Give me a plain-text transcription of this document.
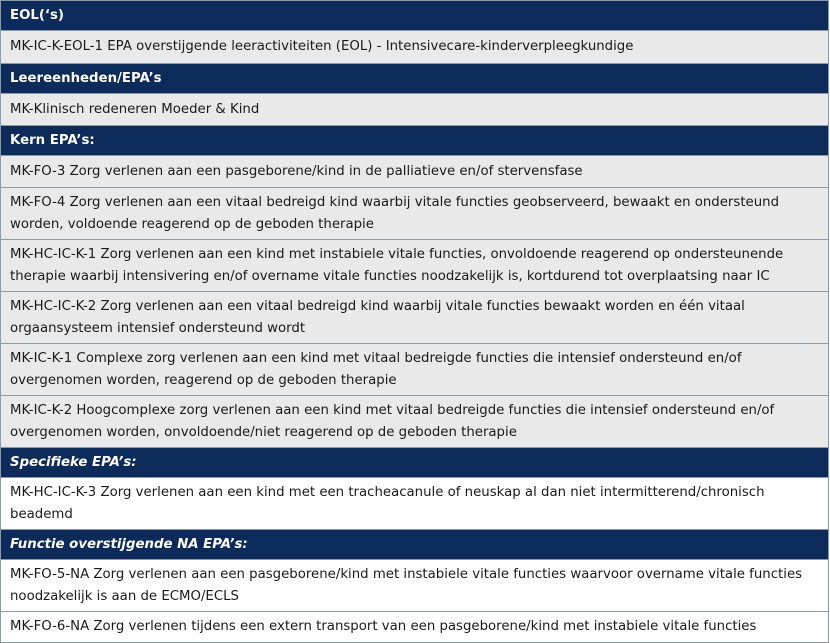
EOL(‘s)
MK-IC-K-EOL-1 EPA overstijgende leeractiviteiten (EOL) - Intensivecare-kinderverpleegkundige
Leereenheden/EPA’s
MK-Klinisch redeneren Moeder & Kind
Kern EPA’s:
MK-FO-3 Zorg verlenen aan een pasgeborene/kind in de palliatieve en/of stervensfase
MK-FO-4 Zorg verlenen aan een vitaal bedreigd kind waarbij vitale functies geobserveerd, bewaakt en ondersteund worden, voldoende reagerend op de geboden therapie
MK-HC-IC-K-1 Zorg verlenen aan een kind met instabiele vitale functies, onvoldoende reagerend op ondersteunende therapie waarbij intensivering en/of overname vitale functies noodzakelijk is, kortdurend tot overplaatsing naar IC
MK-HC-IC-K-2 Zorg verlenen aan een vitaal bedreigd kind waarbij vitale functies bewaakt worden en één vitaal orgaansysteem intensief ondersteund wordt
MK-IC-K-1 Complexe zorg verlenen aan een kind met vitaal bedreigde functies die intensief ondersteund en/of overgenomen worden, reagerend op de geboden therapie
MK-IC-K-2 Hoogcomplexe zorg verlenen aan een kind met vitaal bedreigde functies die intensief ondersteund en/of overgenomen worden, onvoldoende/niet reagerend op de geboden therapie
Specifieke EPA’s:
MK-HC-IC-K-3 Zorg verlenen aan een kind met een tracheacanule of neuskap al dan niet intermitterend/chronisch beademd
Functie overstijgende NA EPA’s:
MK-FO-5-NA Zorg verlenen aan een pasgeborene/kind met instabiele vitale functies waarvoor overname vitale functies noodzakelijk is aan de ECMO/ECLS
MK-FO-6-NA Zorg verlenen tijdens een extern transport van een pasgeborene/kind met instabiele vitale functies
